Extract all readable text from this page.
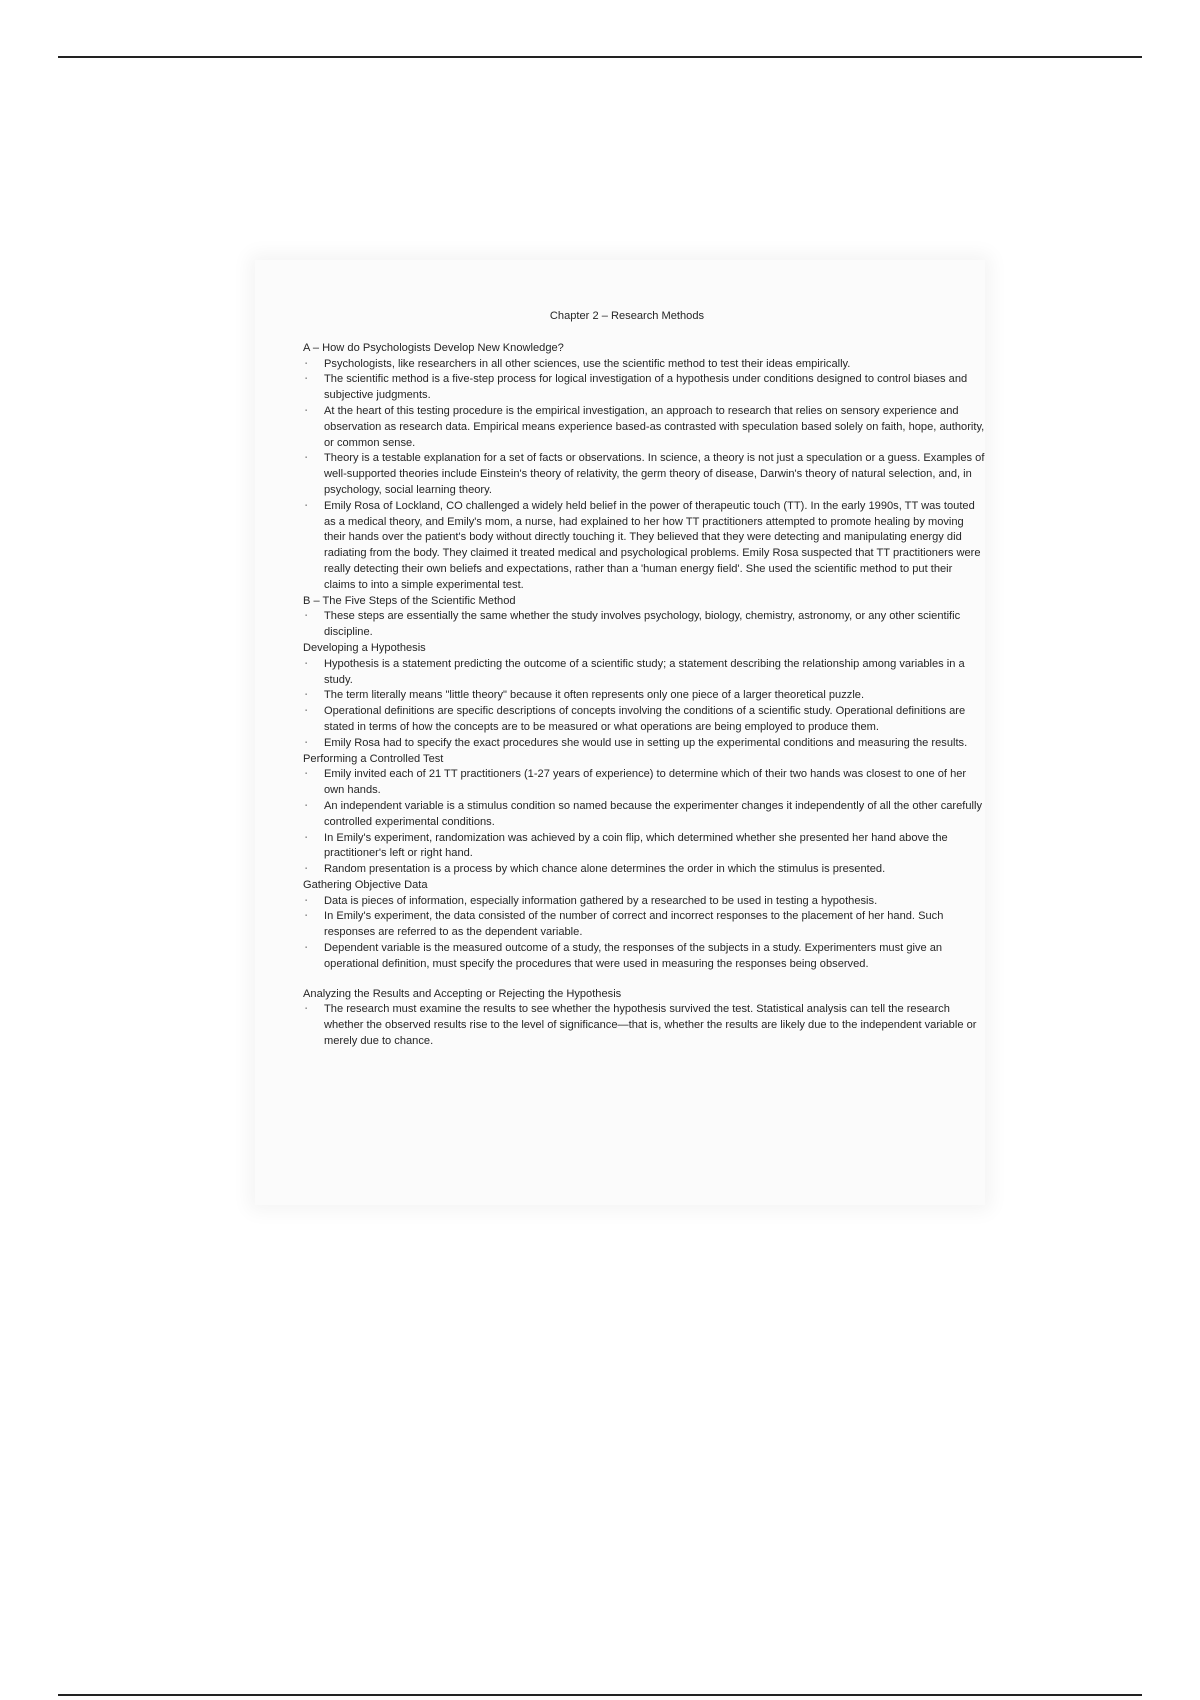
Chapter 2 – Research Methods
A – How do Psychologists Develop New Knowledge?
▪ Psychologists, like researchers in all other sciences, use the scientific method to test their ideas empirically.
▪ The scientific method is a five-step process for logical investigation of a hypothesis under conditions designed to control biases and subjective judgments.
▪ At the heart of this testing procedure is the empirical investigation, an approach to research that relies on sensory experience and observation as research data. Empirical means experience based-as contrasted with speculation based solely on faith, hope, authority, or common sense.
▪ Theory is a testable explanation for a set of facts or observations. In science, a theory is not just a speculation or a guess. Examples of well-supported theories include Einstein's theory of relativity, the germ theory of disease, Darwin's theory of natural selection, and, in psychology, social learning theory.
▪ Emily Rosa of Lockland, CO challenged a widely held belief in the power of therapeutic touch (TT). In the early 1990s, TT was touted as a medical theory, and Emily's mom, a nurse, had explained to her how TT practitioners attempted to promote healing by moving their hands over the patient's body without directly touching it. They believed that they were detecting and manipulating energy did radiating from the body. They claimed it treated medical and psychological problems. Emily Rosa suspected that TT practitioners were really detecting their own beliefs and expectations, rather than a 'human energy field'. She used the scientific method to put their claims to into a simple experimental test.
B – The Five Steps of the Scientific Method
▪ These steps are essentially the same whether the study involves psychology, biology, chemistry, astronomy, or any other scientific discipline.
Developing a Hypothesis
▪ Hypothesis is a statement predicting the outcome of a scientific study; a statement describing the relationship among variables in a study.
▪ The term literally means "little theory" because it often represents only one piece of a larger theoretical puzzle.
▪ Operational definitions are specific descriptions of concepts involving the conditions of a scientific study. Operational definitions are stated in terms of how the concepts are to be measured or what operations are being employed to produce them.
▪ Emily Rosa had to specify the exact procedures she would use in setting up the experimental conditions and measuring the results.
Performing a Controlled Test
▪ Emily invited each of 21 TT practitioners (1-27 years of experience) to determine which of their two hands was closest to one of her own hands.
▪ An independent variable is a stimulus condition so named because the experimenter changes it independently of all the other carefully controlled experimental conditions.
▪ In Emily's experiment, randomization was achieved by a coin flip, which determined whether she presented her hand above the practitioner's left or right hand.
▪ Random presentation is a process by which chance alone determines the order in which the stimulus is presented.
Gathering Objective Data
▪ Data is pieces of information, especially information gathered by a researched to be used in testing a hypothesis.
▪ In Emily's experiment, the data consisted of the number of correct and incorrect responses to the placement of her hand. Such responses are referred to as the dependent variable.
▪ Dependent variable is the measured outcome of a study, the responses of the subjects in a study. Experimenters must give an operational definition, must specify the procedures that were used in measuring the responses being observed.
Analyzing the Results and Accepting or Rejecting the Hypothesis
▪ The research must examine the results to see whether the hypothesis survived the test. Statistical analysis can tell the research whether the observed results rise to the level of significance—that is, whether the results are likely due to the independent variable or merely due to chance.
